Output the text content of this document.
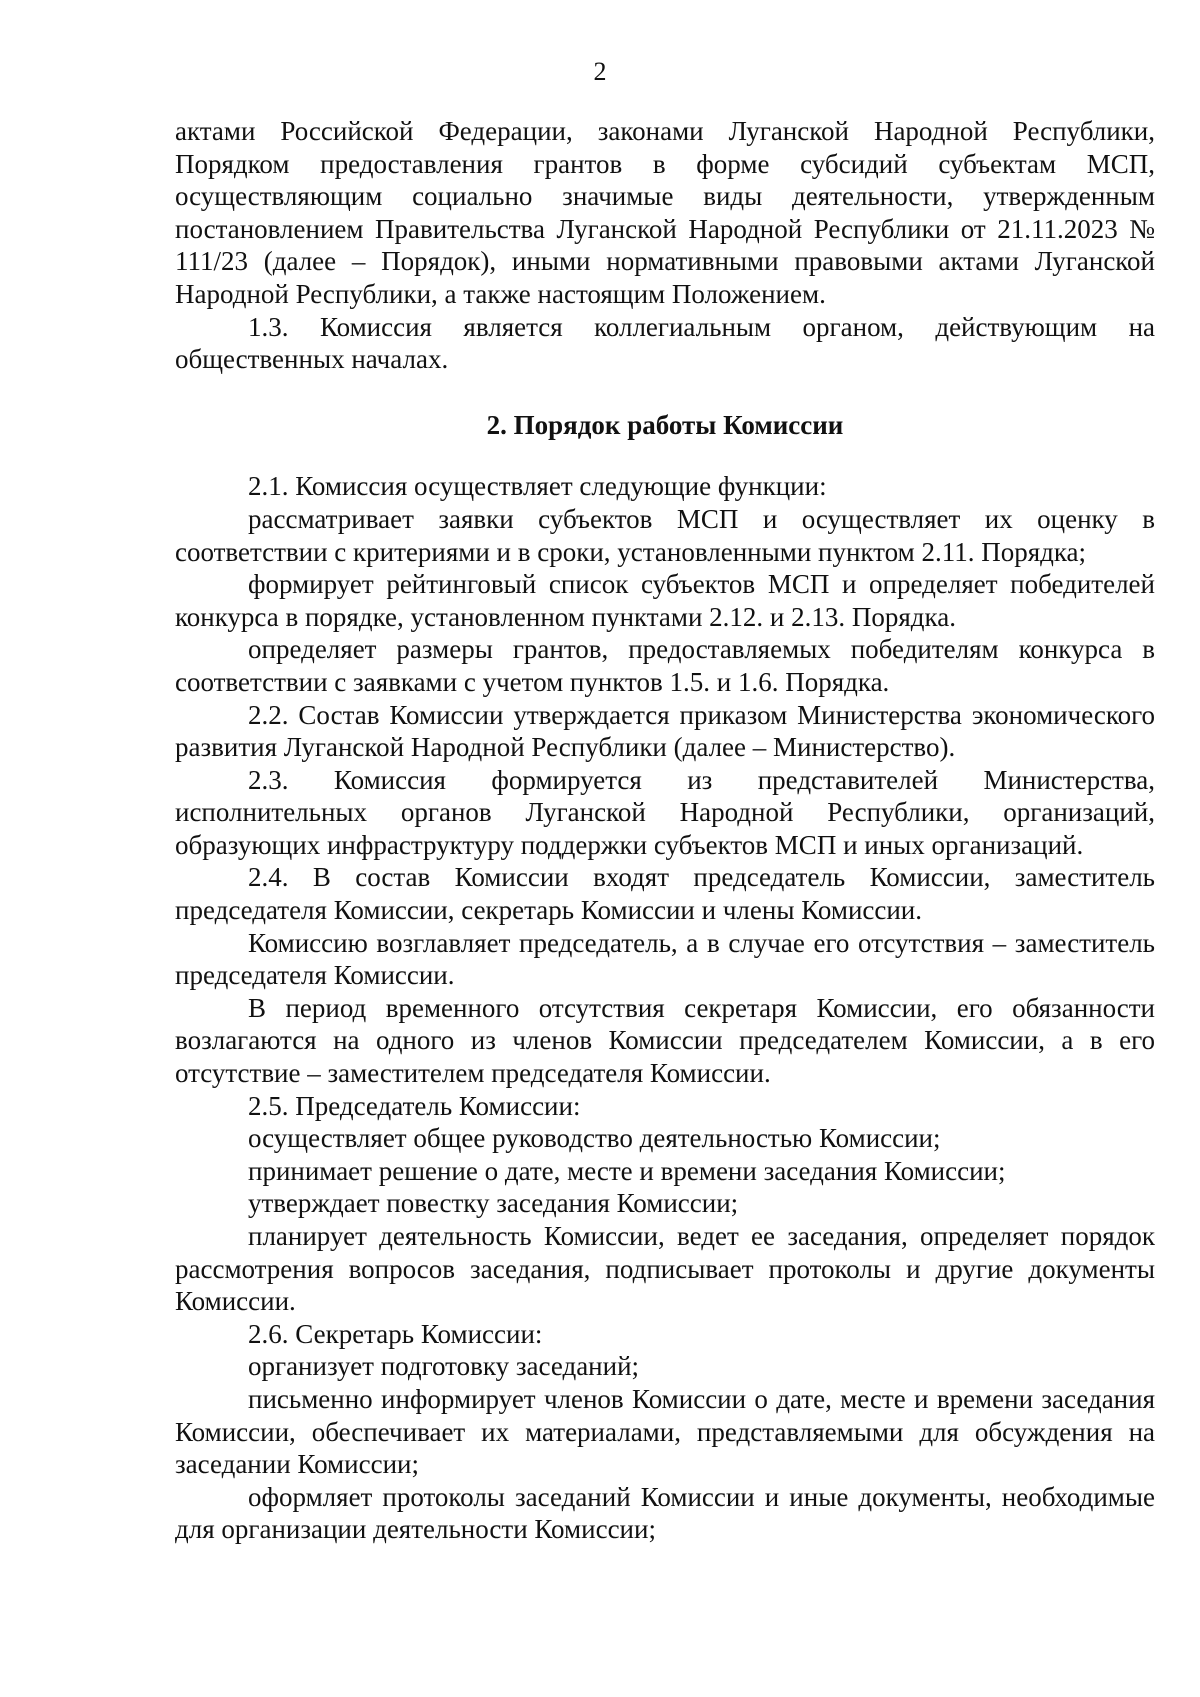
2

актами Российской Федерации, законами Луганской Народной Республики, Порядком предоставления грантов в форме субсидий субъектам МСП, осуществляющим социально значимые виды деятельности, утвержденным постановлением Правительства Луганской Народной Республики от 21.11.2023 № 111/23 (далее – Порядок), иными нормативными правовыми актами Луганской Народной Республики, а также настоящим Положением.

1.3. Комиссия является коллегиальным органом, действующим на общественных началах.

2. Порядок работы Комиссии

2.1. Комиссия осуществляет следующие функции:

рассматривает заявки субъектов МСП и осуществляет их оценку в соответствии с критериями и в сроки, установленными пунктом 2.11. Порядка;

формирует рейтинговый список субъектов МСП и определяет победителей конкурса в порядке, установленном пунктами 2.12. и 2.13. Порядка.

определяет размеры грантов, предоставляемых победителям конкурса в соответствии с заявками с учетом пунктов 1.5. и 1.6. Порядка.

2.2. Состав Комиссии утверждается приказом Министерства экономического развития Луганской Народной Республики (далее – Министерство).

2.3. Комиссия формируется из представителей Министерства, исполнительных органов Луганской Народной Республики, организаций, образующих инфраструктуру поддержки субъектов МСП и иных организаций.

2.4. В состав Комиссии входят председатель Комиссии, заместитель председателя Комиссии, секретарь Комиссии и члены Комиссии.

Комиссию возглавляет председатель, а в случае его отсутствия – заместитель председателя Комиссии.

В период временного отсутствия секретаря Комиссии, его обязанности возлагаются на одного из членов Комиссии председателем Комиссии, а в его отсутствие – заместителем председателя Комиссии.

2.5. Председатель Комиссии:

осуществляет общее руководство деятельностью Комиссии;

принимает решение о дате, месте и времени заседания Комиссии;

утверждает повестку заседания Комиссии;

планирует деятельность Комиссии, ведет ее заседания, определяет порядок рассмотрения вопросов заседания, подписывает протоколы и другие документы Комиссии.

2.6. Секретарь Комиссии:

организует подготовку заседаний;

письменно информирует членов Комиссии о дате, месте и времени заседания Комиссии, обеспечивает их материалами, представляемыми для обсуждения на заседании Комиссии;

оформляет протоколы заседаний Комиссии и иные документы, необходимые для организации деятельности Комиссии;
